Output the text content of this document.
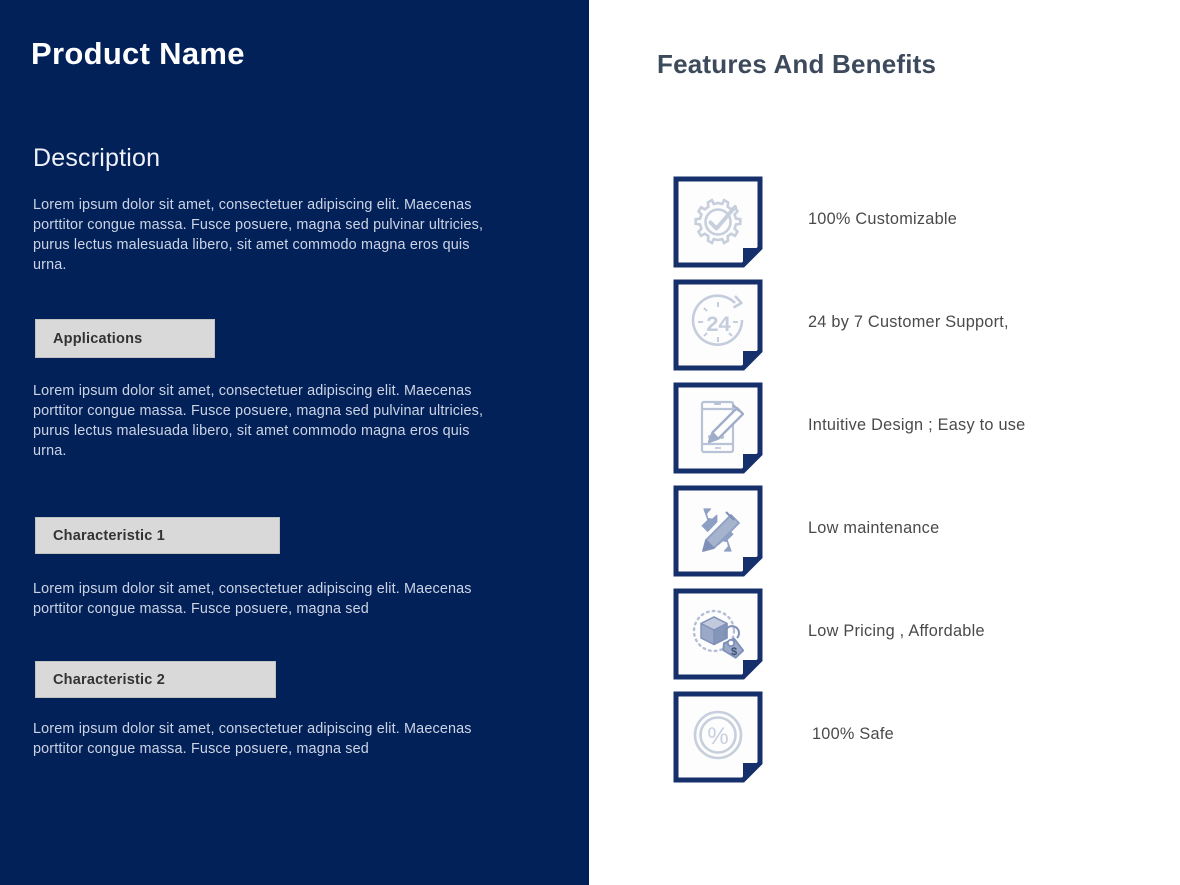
Product Name
Description
Lorem ipsum dolor sit amet, consectetuer adipiscing elit. Maecenas porttitor congue massa. Fusce posuere, magna sed pulvinar ultricies, purus lectus malesuada libero, sit amet commodo magna eros quis urna.
Applications
Lorem ipsum dolor sit amet, consectetuer adipiscing elit. Maecenas porttitor congue massa. Fusce posuere, magna sed pulvinar ultricies, purus lectus malesuada libero, sit amet commodo magna eros quis urna.
Characteristic 1
Lorem ipsum dolor sit amet, consectetuer adipiscing elit. Maecenas porttitor congue massa. Fusce posuere, magna sed
Characteristic 2
Lorem ipsum dolor sit amet, consectetuer adipiscing elit. Maecenas porttitor congue massa. Fusce posuere, magna sed
Features And Benefits
100% Customizable
24	24 by 7 Customer Support,
Intuitive Design ; Easy to use
Low maintenance
$
Low Pricing , Affordable
%	100% Safe
